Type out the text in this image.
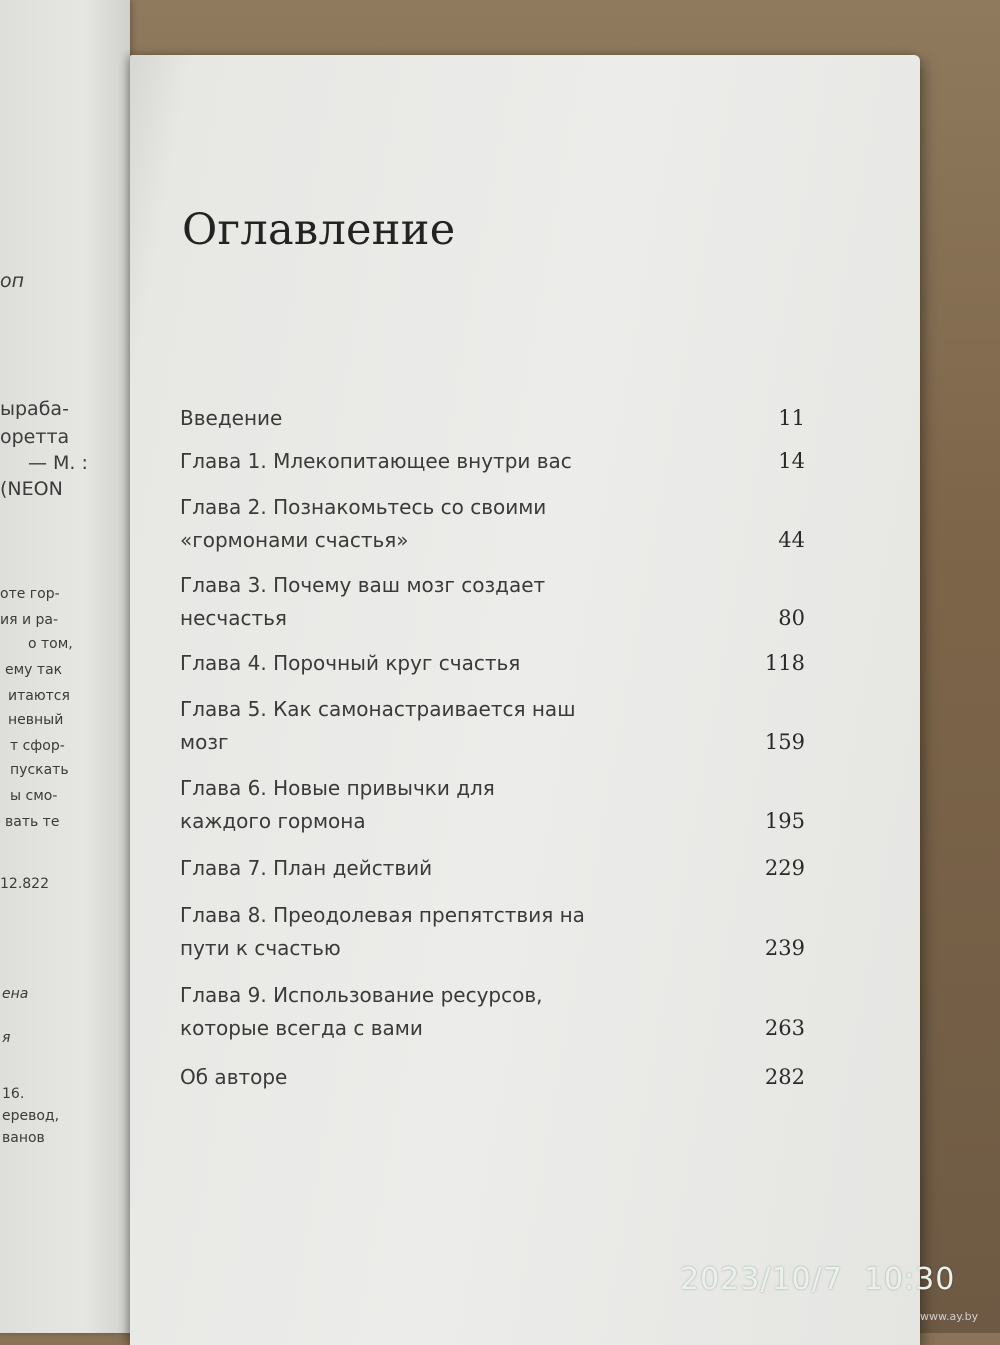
оп
ыраба-
оретта
— М. :
(NEON
оте гор-
ия и ра-
о том,
ему так
итаются
невный
т сфор-
пускать
ы смо-
вать те
12.822
ена
я
16.
еревод,
ванов
Оглавление
Введение	11
Глава 1. Млекопитающее внутри вас	14
Глава 2. Познакомьтесь со своими «гормонами счастья»	44
Глава 3. Почему ваш мозг создает несчастья	80
Глава 4. Порочный круг счастья	118
Глава 5. Как самонастраивается наш мозг	159
Глава 6. Новые привычки для каждого гормона	195
Глава 7. План действий	229
Глава 8. Преодолевая препятствия на пути к счастью	239
Глава 9. Использование ресурсов, которые всегда с вами	263
Об авторе	282
2023/10/7  10:30
www.ay.by
